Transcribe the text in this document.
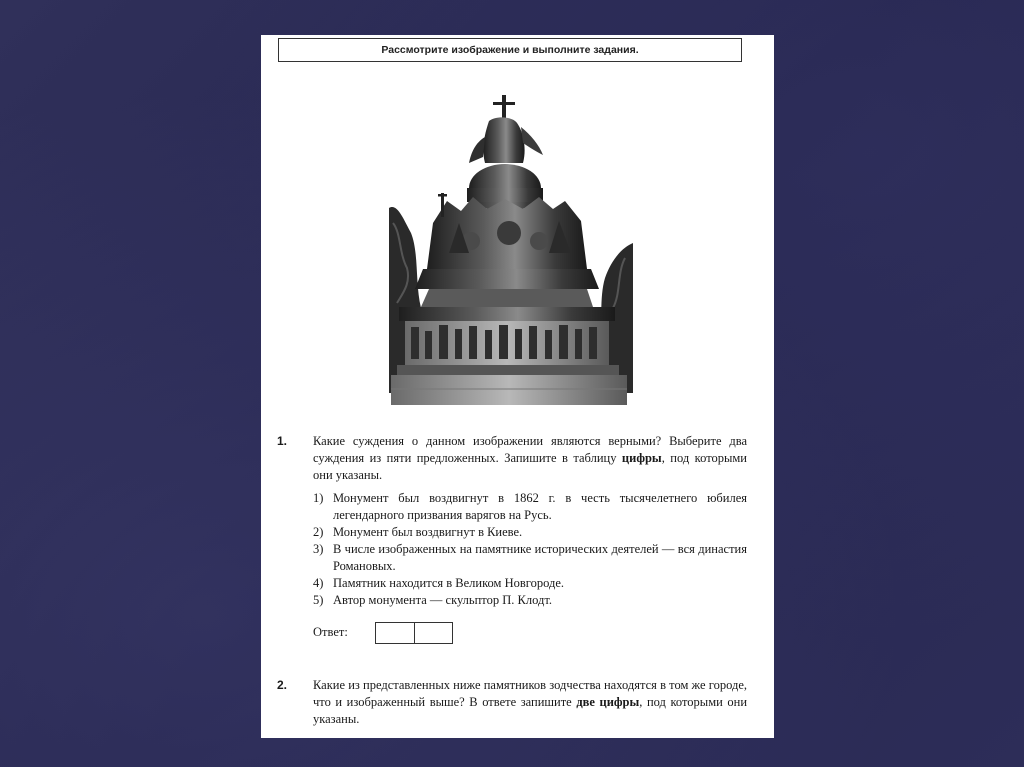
Рассмотрите изображение и выполните задания.
1. Какие суждения о данном изображении являются верными? Выберите два суждения из пяти предложенных. Запишите в таблицу цифры, под которыми они указаны.
1) Монумент был воздвигнут в 1862 г. в честь тысячелетнего юбилея легендарного призвания варягов на Русь.
2) Монумент был воздвигнут в Киеве.
3) В числе изображенных на памятнике исторических деятелей — вся династия Романовых.
4) Памятник находится в Великом Новгороде.
5) Автор монумента — скульптор П. Клодт.
Ответ:
2. Какие из представленных ниже памятников зодчества находятся в том же городе, что и изображенный выше? В ответе запишите две цифры, под которыми они указаны.
